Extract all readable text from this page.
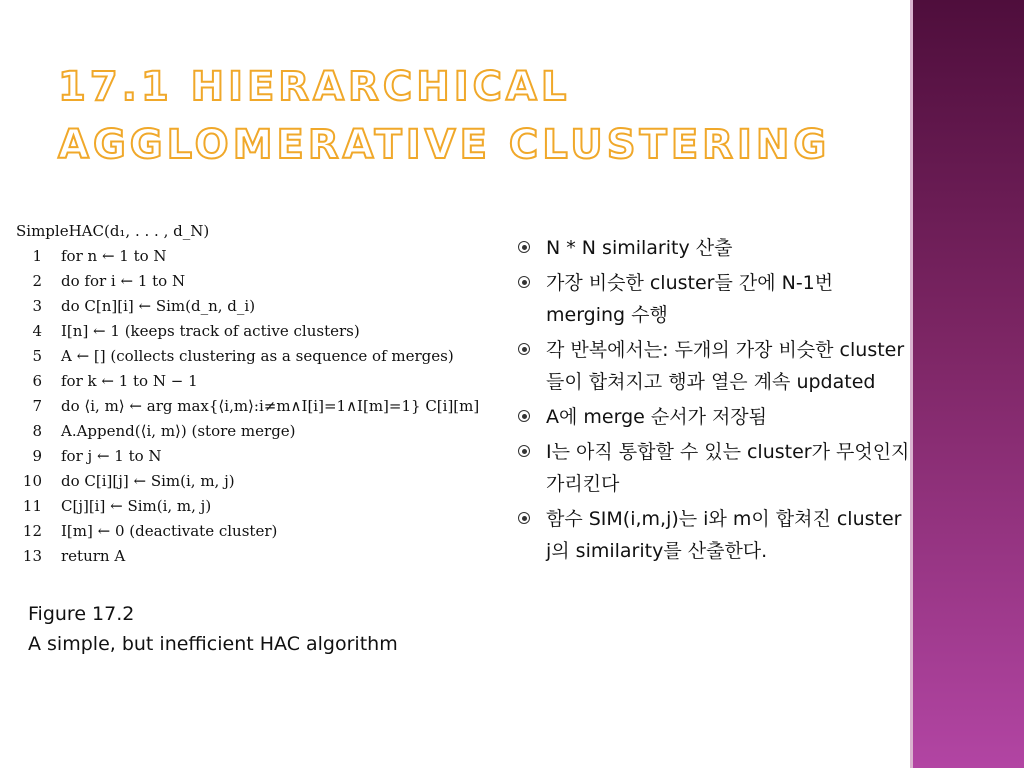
17.1 HIERARCHICAL
AGGLOMERATIVE CLUSTERING
SimpleHAC(d₁, . . . , d_N)
1 for n ← 1 to N
2 do for i ← 1 to N
3 do C[n][i] ← Sim(d_n, d_i)
4 I[n] ← 1 (keeps track of active clusters)
5 A ← [] (collects clustering as a sequence of merges)
6 for k ← 1 to N − 1
7 do ⟨i, m⟩ ← arg max{⟨i,m⟩:i≠m∧I[i]=1∧I[m]=1} C[i][m]
8 A.Append(⟨i, m⟩) (store merge)
9 for j ← 1 to N
10 do C[i][j] ← Sim(i, m, j)
11 C[j][i] ← Sim(i, m, j)
12 I[m] ← 0 (deactivate cluster)
13 return A
Figure 17.2
A simple, but inefficient HAC algorithm
N * N similarity 산출
가장 비슷한 cluster들 간에 N-1번 merging 수행
각 반복에서는: 두개의 가장 비슷한 cluster들이 합쳐지고 행과 열은 계속 updated
A에 merge 순서가 저장됨
I는 아직 통합할 수 있는 cluster가 무엇인지 가리킨다
함수 SIM(i,m,j)는 i와 m이 합쳐진 cluster j의 similarity를 산출한다.
